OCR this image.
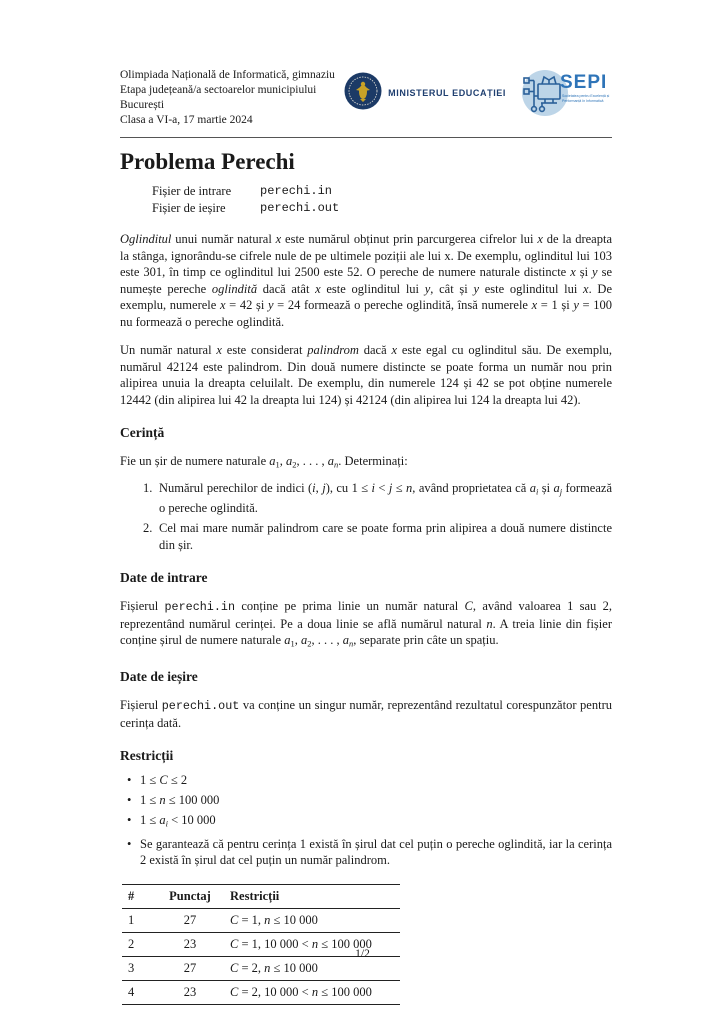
Olimpiada Națională de Informatică, gimnaziu
Etapa județeană/a sectoarelor municipiului București
Clasa a VI-a, 17 martie 2024
MINISTERUL EDUCAȚIEI	SEPI
Societatea pentru Excelență și Performanță în Informatică
Problema Perechi
Fișier de intrare	perechi.in
Fișier de ieșire	perechi.out

Oglinditul unui număr natural x este numărul obținut prin parcurgerea cifrelor lui x de la dreapta la stânga, ignorându-se cifrele nule de pe ultimele poziții ale lui x. De exemplu, oglinditul lui 103 este 301, în timp ce oglinditul lui 2500 este 52. O pereche de numere naturale distincte x și y se numește pereche oglindită dacă atât x este oglinditul lui y, cât și y este oglinditul lui x. De exemplu, numerele x = 42 și y = 24 formează o pereche oglindită, însă numerele x = 1 și y = 100 nu formează o pereche oglindită.

Un număr natural x este considerat palindrom dacă x este egal cu oglinditul său. De exemplu, numărul 42124 este palindrom. Din două numere distincte se poate forma un număr nou prin alipirea unuia la dreapta celuilalt. De exemplu, din numerele 124 și 42 se pot obține numerele 12442 (din alipirea lui 42 la dreapta lui 124) și 42124 (din alipirea lui 124 la dreapta lui 42).

Cerință

Fie un șir de numere naturale a1, a2, . . . , an. Determinați:

1. Numărul perechilor de indici (i, j), cu 1 ≤ i < j ≤ n, având proprietatea că ai și aj formează o pereche oglindită.
2. Cel mai mare număr palindrom care se poate forma prin alipirea a două numere distincte din șir.
Date de intrare

Fișierul perechi.in conține pe prima linie un număr natural C, având valoarea 1 sau 2, reprezentând numărul cerinței. Pe a doua linie se află numărul natural n. A treia linie din fișier conține șirul de numere naturale a1, a2, . . . , an, separate prin câte un spațiu.

Date de ieșire

Fișierul perechi.out va conține un singur număr, reprezentând rezultatul corespunzător pentru cerința dată.

Restricții
• 1 ≤ C ≤ 2
• 1 ≤ n ≤ 100 000
• 1 ≤ ai < 10 000
• Se garantează că pentru cerința 1 există în șirul dat cel puțin o pereche oglindită, iar la cerința 2 există în șirul dat cel puțin un număr palindrom.
#	Punctaj	Restricții
1	27	C = 1, n ≤ 10 000
2	23	C = 1, 10 000 < n ≤ 100 000
3	27	C = 2, n ≤ 10 000
4	23	C = 2, 10 000 < n ≤ 100 000
1/2
